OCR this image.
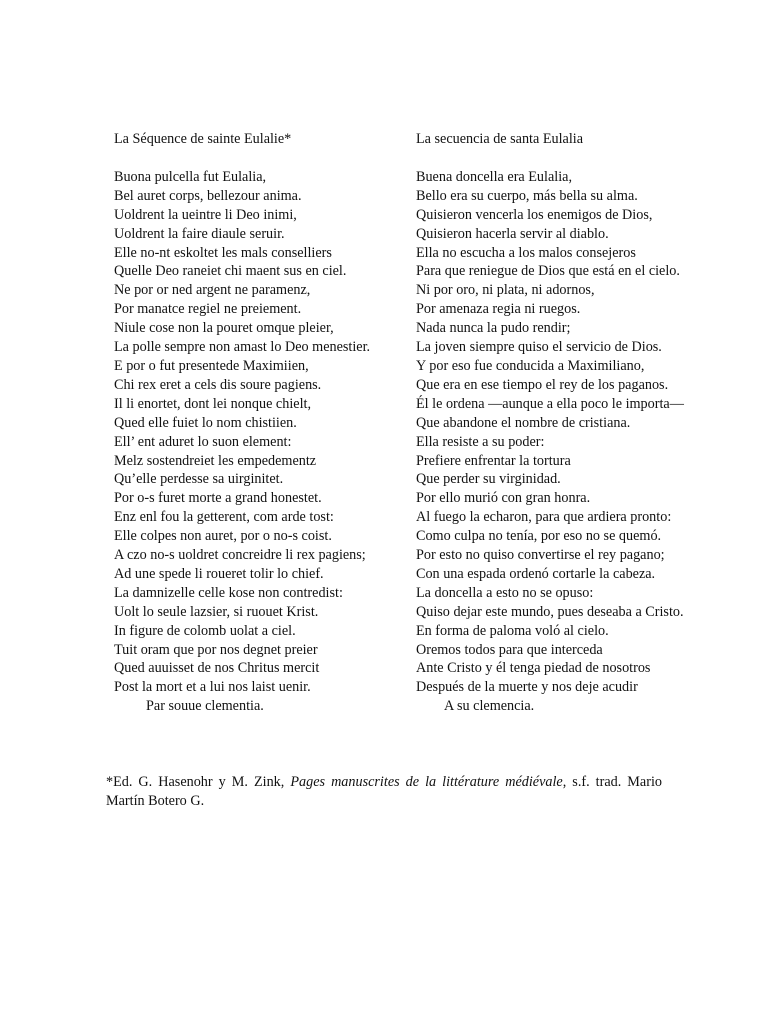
La Séquence de sainte Eulalie*
Buona pulcella fut Eulalia,
Bel auret corps, bellezour anima.
Uoldrent la ueintre li Deo inimi,
Uoldrent la faire diaule seruir.
Elle no-nt eskoltet les mals conselliers
Quelle Deo raneiet chi maent sus en ciel.
Ne por or ned argent ne paramenz,
Por manatce regiel ne preiement.
Niule cose non la pouret omque pleier,
La polle sempre non amast lo Deo menestier.
E por o fut presentede Maximiien,
Chi rex eret a cels dis soure pagiens.
Il li enortet, dont lei nonque chielt,
Qued elle fuiet lo nom chistiien.
Ell’ ent aduret lo suon element:
Melz sostendreiet les empedementz
Qu’elle perdesse sa uirginitet.
Por o-s furet morte a grand honestet.
Enz enl fou la getterent, com arde tost:
Elle colpes non auret, por o no-s coist.
A czo no-s uoldret concreidre li rex pagiens;
Ad une spede li roueret tolir lo chief.
La damnizelle celle kose non contredist:
Uolt lo seule lazsier, si ruouet Krist.
In figure de colomb uolat a ciel.
Tuit oram que por nos degnet preier
Qued auuisset de nos Chritus mercit
Post la mort et a lui nos laist uenir.
Par souue clementia.
La secuencia de santa Eulalia
Buena doncella era Eulalia,
Bello era su cuerpo, más bella su alma.
Quisieron vencerla los enemigos de Dios,
Quisieron hacerla servir al diablo.
Ella no escucha a los malos consejeros
Para que reniegue de Dios que está en el cielo.
Ni por oro, ni plata, ni adornos,
Por amenaza regia ni ruegos.
Nada nunca la pudo rendir;
La joven siempre quiso el servicio de Dios.
Y por eso fue conducida a Maximiliano,
Que era en ese tiempo el rey de los paganos.
Él le ordena —aunque a ella poco le importa—
Que abandone el nombre de cristiana.
Ella resiste a su poder:
Prefiere enfrentar la tortura
Que perder su virginidad.
Por ello murió con gran honra.
Al fuego la echaron, para que ardiera pronto:
Como culpa no tenía, por eso no se quemó.
Por esto no quiso convertirse el rey pagano;
Con una espada ordenó cortarle la cabeza.
La doncella a esto no se opuso:
Quiso dejar este mundo, pues deseaba a Cristo.
En forma de paloma voló al cielo.
Oremos todos para que interceda
Ante Cristo y él tenga piedad de nosotros
Después de la muerte y nos deje acudir
A su clemencia.
*Ed. G. Hasenohr y M. Zink, Pages manuscrites de la littérature médiévale, s.f. trad. Mario Martín Botero G.
